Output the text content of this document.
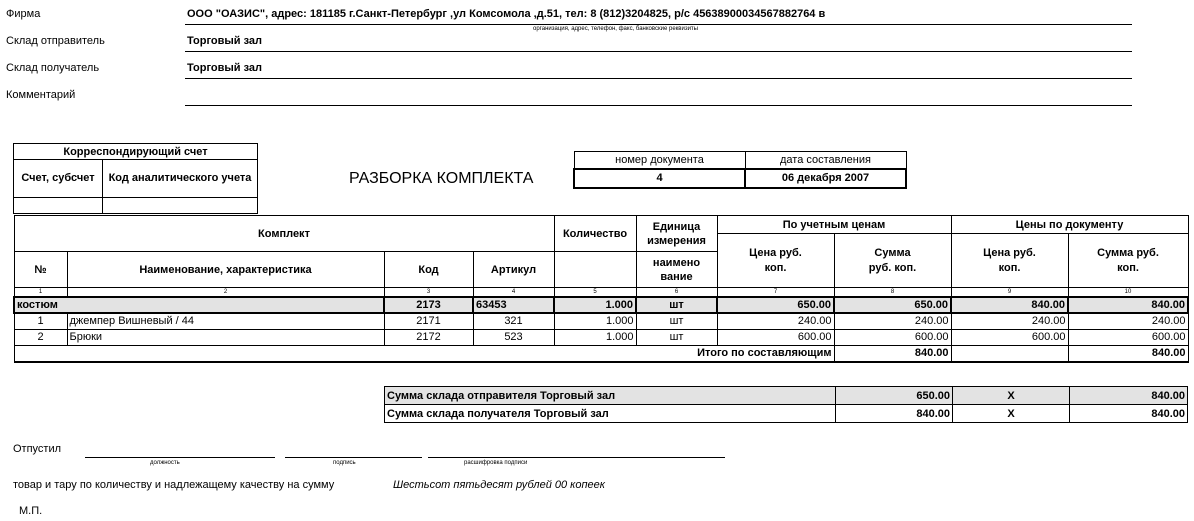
Фирма	ООО "ОАЗИС", адрес: 181185 г.Санкт-Петербург ,ул Комсомола ,д.51, тел: 8 (812)3204825, р/с 45638900034567882764 в
организация, адрес, телефон, факс, банковские реквизиты
Склад отправитель	Торговый зал
Склад получатель	Торговый зал
Комментарий
Корреспондирующий счет	
Счет, субсчет	Код аналитического учета
		РАЗБОРКА КОМПЛЕКТА
номер документа	дата составления
4	06 декабря 2007
Комплект				Количество	Единица измерения	По учетным ценам		Цены по документу	
						Цена руб. коп.	Сумма руб. коп.	Цена руб. коп.	Сумма руб. коп.
№	Наименование, характеристика	Код	Артикул		наимено вание				
1	2	3	4	5	6	7	8	9	10
костюм		2173	63453	1.000	шт	650.00	650.00	840.00	840.00
1	джемпер Вишневый / 44	2171	321	1.000	шт	240.00	240.00	240.00	240.00
2	Брюки	2172	523	1.000	шт	600.00	600.00	600.00	600.00
Итого по составляющим							840.00		840.00
Сумма склада отправителя Торговый зал	650.00	X	840.00
Сумма склада получателя Торговый зал	840.00	X	840.00
Отпустил
должность	подпись	расшифровка подписи
товар и тару по количеству и надлежащему качеству на сумму	Шестьсот пятьдесят рублей 00 копеек
М.П.
